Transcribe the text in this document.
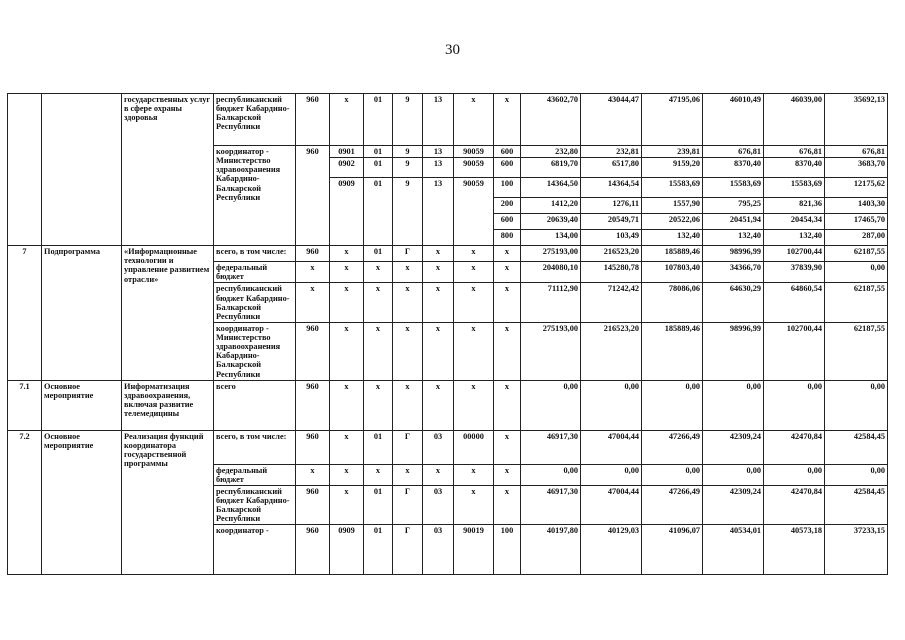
30
		государственных услуг в сфере охраны здоровья	республиканский бюджет Кабардино-Балкарской Республики	960	x	01	9	13	x	x	43602,70	43044,47	47195,06	46010,49	46039,00	35692,13
			координатор - Министерство здравоохранения Кабардино-Балкарской Республики	960	0901	01	9	13	90059	600	232,80	232,81	239,81	676,81	676,81	676,81
					0902	01	9	13	90059	600	6819,70	6517,80	9159,20	8370,40	8370,40	3683,70
					0909	01	9	13	90059	100	14364,50	14364,54	15583,69	15583,69	15583,69	12175,62
										200	1412,20	1276,11	1557,90	795,25	821,36	1403,30
										600	20639,40	20549,71	20522,06	20451,94	20454,34	17465,70
										800	134,00	103,49	132,40	132,40	132,40	287,00
7	Подпрограмма	«Информационные технологии и управление развитием отрасли»	всего, в том числе:	960	x	01	Г	x	x	x	275193,00	216523,20	185889,46	98996,99	102700,44	62187,55
			федеральный бюджет	x	x	x	x	x	x	x	204080,10	145280,78	107803,40	34366,70	37839,90	0,00
			республиканский бюджет Кабардино-Балкарской Республики	x	x	x	x	x	x	x	71112,90	71242,42	78086,06	64630,29	64860,54	62187,55
			координатор - Министерство здравоохранения Кабардино-Балкарской Республики	960	x	x	x	x	x	x	275193,00	216523,20	185889,46	98996,99	102700,44	62187,55
7.1	Основное мероприятие	Информатизация здравоохранения, включая развитие телемедицины	всего	960	x	x	x	x	x	x	0,00	0,00	0,00	0,00	0,00	0,00
7.2	Основное мероприятие	Реализация функций координатора государственной программы	всего, в том числе:	960	x	01	Г	03	00000	x	46917,30	47004,44	47266,49	42309,24	42470,84	42584,45
			федеральный бюджет	x	x	x	x	x	x	x	0,00	0,00	0,00	0,00	0,00	0,00
			республиканский бюджет Кабардино-Балкарской Республики	960	x	01	Г	03	x	x	46917,30	47004,44	47266,49	42309,24	42470,84	42584,45
			координатор -	960	0909	01	Г	03	90019	100	40197,80	40129,03	41096,07	40534,01	40573,18	37233,15
